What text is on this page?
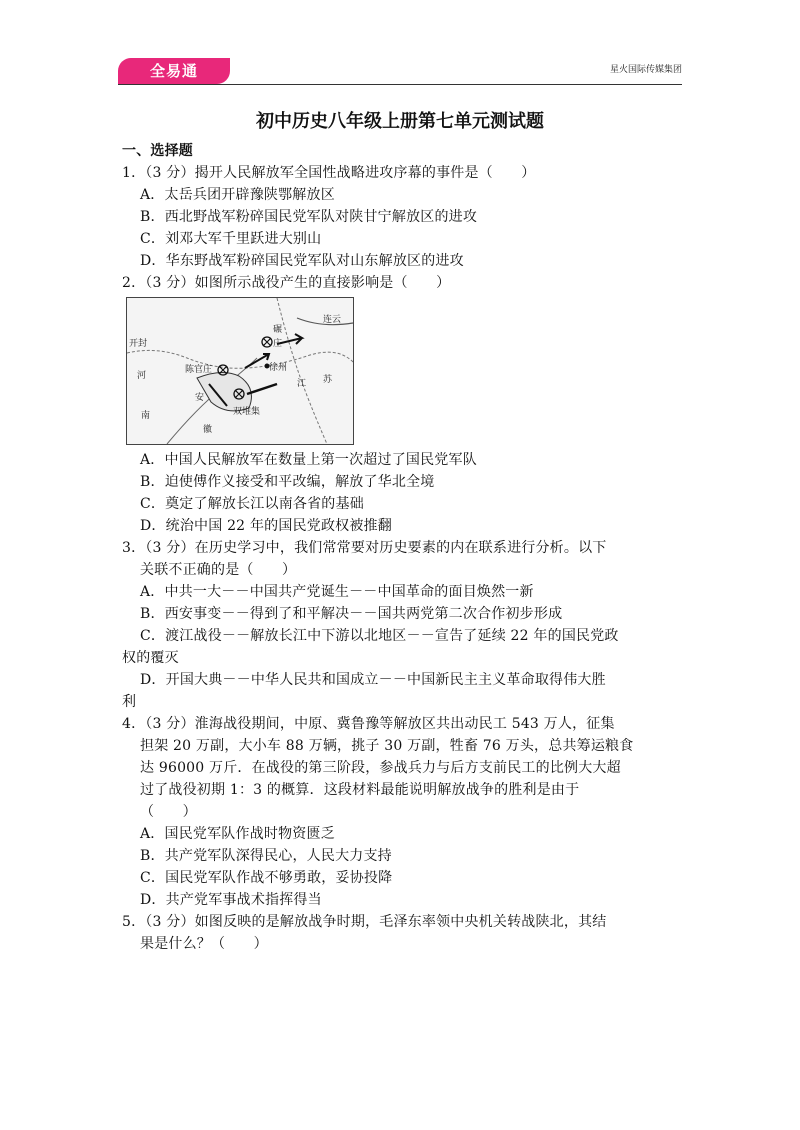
全易通	星火国际传媒集团
初中历史八年级上册第七单元测试题
一、选择题
1．（3 分）揭开人民解放军全国性战略进攻序幕的事件是（　　）
A．太岳兵团开辟豫陕鄂解放区
B．西北野战军粉碎国民党军队对陕甘宁解放区的进攻
C．刘邓大军千里跃进大别山
D．华东野战军粉碎国民党军队对山东解放区的进攻
2．（3 分）如图所示战役产生的直接影响是（　　）
开封
河
南
陈官庄	徐州
碾
庄
江 苏
双堆集
安
徽
连云
A．中国人民解放军在数量上第一次超过了国民党军队
B．迫使傅作义接受和平改编，解放了华北全境
C．奠定了解放长江以南各省的基础
D．统治中国 22 年的国民党政权被推翻
3．（3 分）在历史学习中，我们常常要对历史要素的内在联系进行分析。以下
关联不正确的是（　　）
A．中共一大－－中国共产党诞生－－中国革命的面目焕然一新
B．西安事变－－得到了和平解决－－国共两党第二次合作初步形成
C．渡江战役－－解放长江中下游以北地区－－宣告了延续 22 年的国民党政
权的覆灭
D．开国大典－－中华人民共和国成立－－中国新民主主义革命取得伟大胜
利
4．（3 分）淮海战役期间，中原、冀鲁豫等解放区共出动民工 543 万人，征集
担架 20 万副，大小车 88 万辆，挑子 30 万副，牲畜 76 万头，总共筹运粮食
达 96000 万斤．在战役的第三阶段，参战兵力与后方支前民工的比例大大超
过了战役初期 1：3 的概算．这段材料最能说明解放战争的胜利是由于
（　　）
A．国民党军队作战时物资匮乏
B．共产党军队深得民心，人民大力支持
C．国民党军队作战不够勇敢，妥协投降
D．共产党军事战术指挥得当
5．（3 分）如图反映的是解放战争时期，毛泽东率领中央机关转战陕北，其结
果是什么？（　　）
